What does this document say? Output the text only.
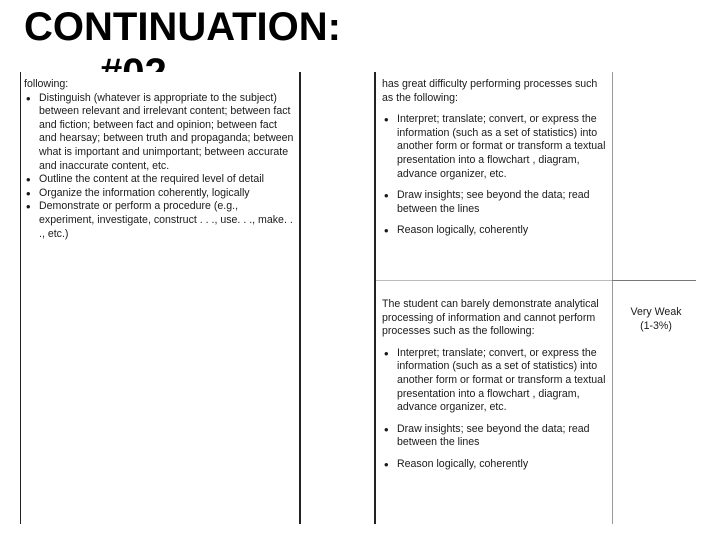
CONTINUATION:

following:

• Distinguish (whatever is appropriate to the subject) between relevant and irrelevant content; between fact and fiction; between fact and opinion; between fact and hearsay; between truth and propaganda; between what is important and unimportant; between accurate and inaccurate content, etc.
• Outline the content at the required level of detail
• Organize the information coherently, logically
• Demonstrate or perform a procedure (e.g., experiment, investigate, construct . . ., use. . ., make. . ., etc.)

has great difficulty performing processes such as the following:

• Interpret; translate; convert, or express the information (such as a set of statistics) into another form or format or transform a textual presentation into a flowchart , diagram, advance organizer, etc.
• Draw insights; see beyond the data; read between the lines
• Reason logically, coherently

The student can barely demonstrate analytical processing of information and cannot perform processes such as the following:

• Interpret; translate; convert, or express the information (such as a set of statistics) into another form or format or transform a textual presentation into a flowchart , diagram, advance organizer, etc.
• Draw insights; see beyond the data; read between the lines
• Reason logically, coherently
Very Weak
(1-3%)
